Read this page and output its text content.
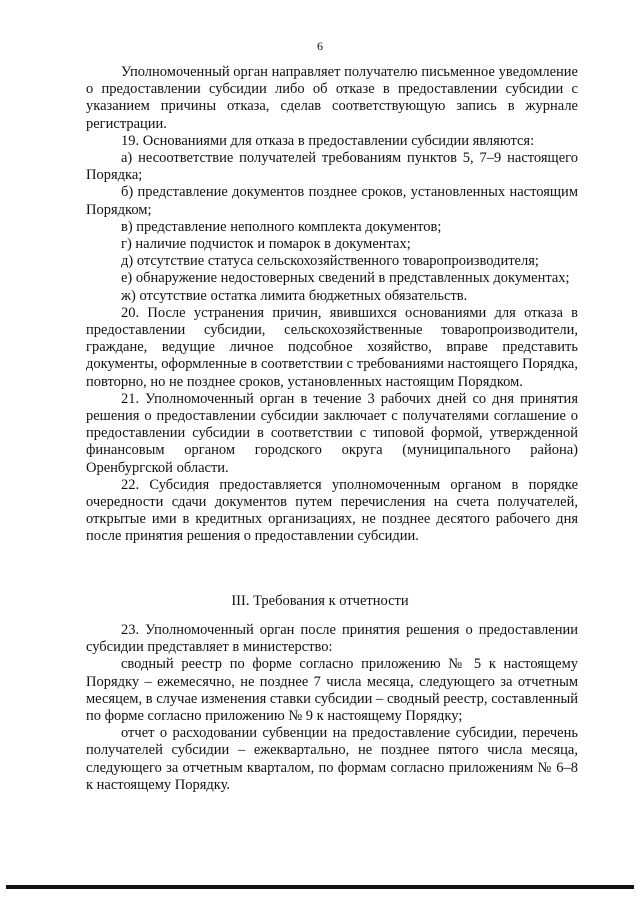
6

Уполномоченный орган направляет получателю письменное уведомление о предоставлении субсидии либо об отказе в предоставлении субсидии с указанием причины отказа, сделав соответствующую запись в журнале регистрации.

19. Основаниями для отказа в предоставлении субсидии являются:

а) несоответствие получателей требованиям пунктов 5, 7–9 настоящего Порядка;

б) представление документов позднее сроков, установленных настоящим Порядком;

в) представление неполного комплекта документов;

г) наличие подчисток и помарок в документах;

д) отсутствие статуса сельскохозяйственного товаропроизводителя;

е) обнаружение недостоверных сведений в представленных документах;

ж) отсутствие остатка лимита бюджетных обязательств.

20. После устранения причин, явившихся основаниями для отказа в предоставлении субсидии, сельскохозяйственные товаропроизводители, граждане, ведущие личное подсобное хозяйство, вправе представить документы, оформленные в соответствии с требованиями настоящего Порядка, повторно, но не позднее сроков, установленных настоящим Порядком.

21. Уполномоченный орган в течение 3 рабочих дней со дня принятия решения о предоставлении субсидии заключает с получателями соглашение о предоставлении субсидии в соответствии с типовой формой, утвержденной финансовым органом городского округа (муниципального района) Оренбургской области.

22. Субсидия предоставляется уполномоченным органом в порядке очередности сдачи документов путем перечисления на счета получателей, открытые ими в кредитных организациях, не позднее десятого рабочего дня после принятия решения о предоставлении субсидии.

III. Требования к отчетности

23. Уполномоченный орган после принятия решения о предоставлении субсидии представляет в министерство:

сводный реестр по форме согласно приложению № 5 к настоящему Порядку – ежемесячно, не позднее 7 числа месяца, следующего за отчетным месяцем, в случае изменения ставки субсидии – сводный реестр, составленный по форме согласно приложению № 9 к настоящему Порядку;

отчет о расходовании субвенции на предоставление субсидии, перечень получателей субсидии – ежеквартально, не позднее пятого числа месяца, следующего за отчетным кварталом, по формам согласно приложениям № 6–8 к настоящему Порядку.
